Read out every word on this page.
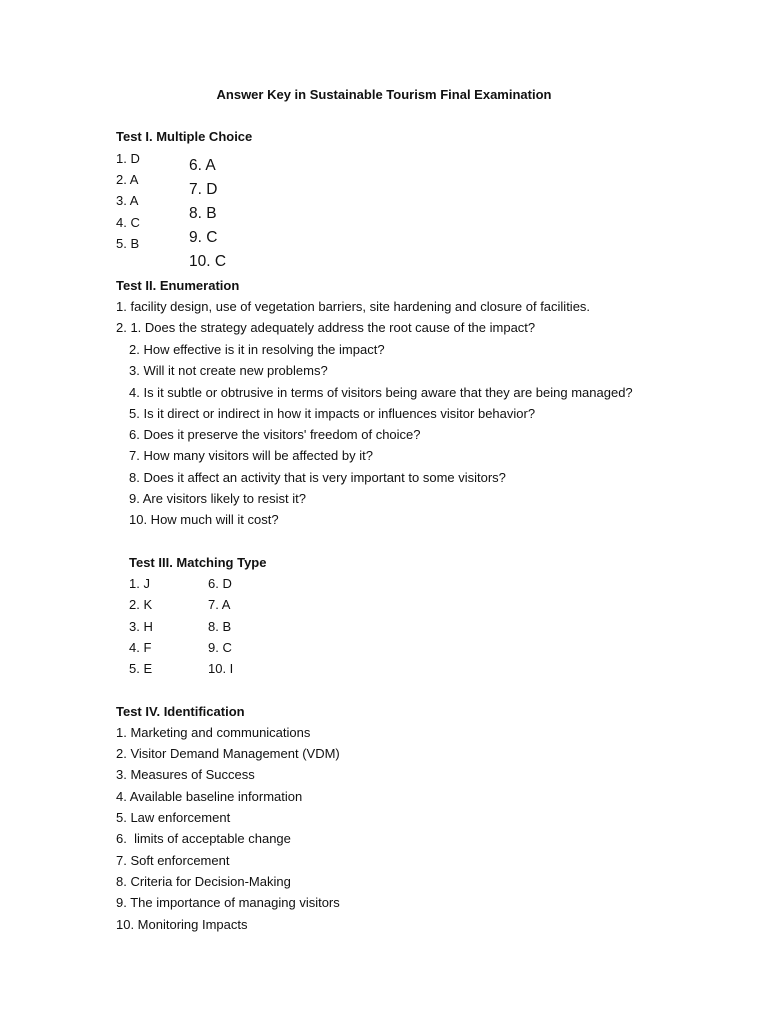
Answer Key in Sustainable Tourism Final Examination
Test I. Multiple Choice
1. D
2. A
3. A
4. C
5. B
6. A
7. D
8. B
9. C
10. C
Test II. Enumeration
1. facility design, use of vegetation barriers, site hardening and closure of facilities.
2. 1. Does the strategy adequately address the root cause of the impact?
2. How effective is it in resolving the impact?
3. Will it not create new problems?
4. Is it subtle or obtrusive in terms of visitors being aware that they are being managed?
5. Is it direct or indirect in how it impacts or influences visitor behavior?
6. Does it preserve the visitors' freedom of choice?
7. How many visitors will be affected by it?
8. Does it affect an activity that is very important to some visitors?
9. Are visitors likely to resist it?
10. How much will it cost?
Test III. Matching Type
1. J
2. K
3. H
4. F
5. E
6. D
7. A
8. B
9. C
10. I
Test IV. Identification
1. Marketing and communications
2. Visitor Demand Management (VDM)
3. Measures of Success
4. Available baseline information
5. Law enforcement
6.  limits of acceptable change
7. Soft enforcement
8. Criteria for Decision-Making
9. The importance of managing visitors
10. Monitoring Impacts
